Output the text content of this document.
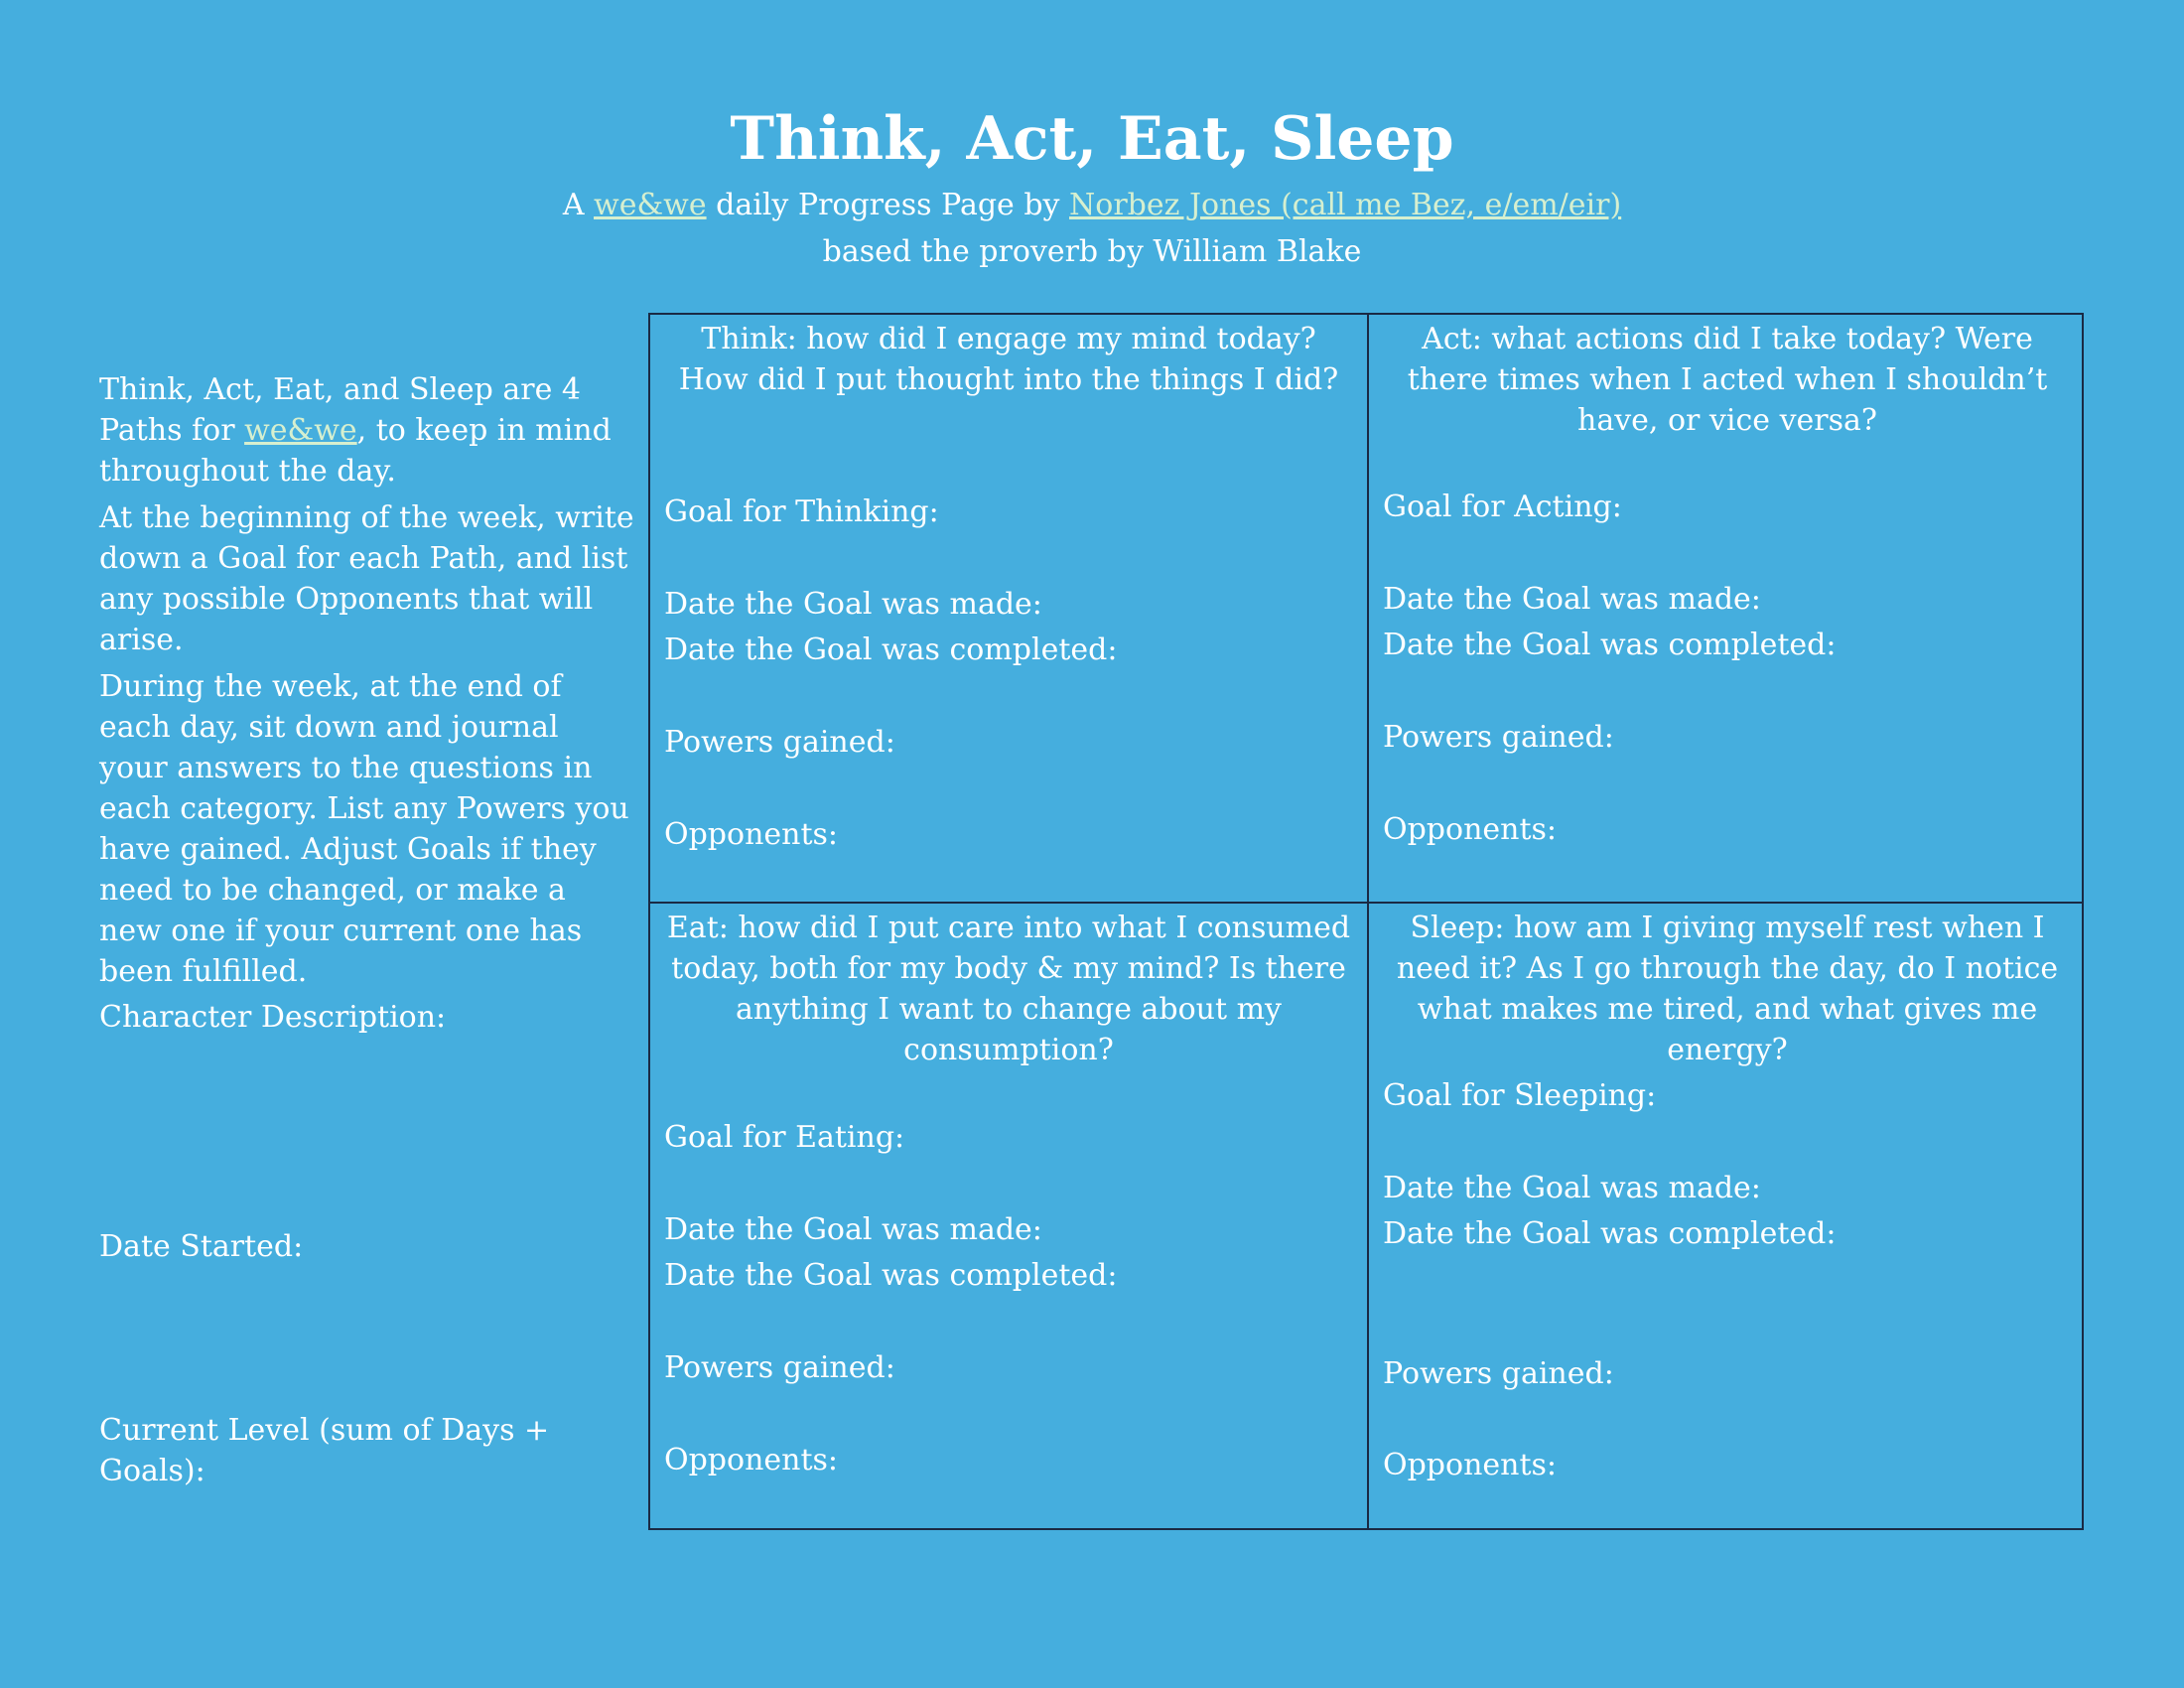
Think, Act, Eat, Sleep
A we&we daily Progress Page by Norbez Jones (call me Bez, e/em/eir)
based the proverb by William Blake

Think, Act, Eat, and Sleep are 4 Paths for we&we, to keep in mind throughout the day.

At the beginning of the week, write down a Goal for each Path, and list any possible Opponents that will arise.

During the week, at the end of each day, sit down and journal your answers to the questions in each category. List any Powers you have gained. Adjust Goals if they need to be changed, or make a new one if your current one has been fulfilled.

Character Description:
Date Started:
Current Level (sum of Days + Goals):
Think: how did I engage my mind today? How did I put thought into the things I did?
Goal for Thinking:
Date the Goal was made:
Date the Goal was completed:
Powers gained:
Opponents:
Act: what actions did I take today? Were there times when I acted when I shouldn’t have, or vice versa?
Goal for Acting:
Date the Goal was made:
Date the Goal was completed:
Powers gained:
Opponents:
Eat: how did I put care into what I consumed today, both for my body & my mind? Is there anything I want to change about my consumption?
Goal for Eating:
Date the Goal was made:
Date the Goal was completed:
Powers gained:
Opponents:
Sleep: how am I giving myself rest when I need it? As I go through the day, do I notice what makes me tired, and what gives me energy?
Goal for Sleeping:
Date the Goal was made:
Date the Goal was completed:
Powers gained:
Opponents:
